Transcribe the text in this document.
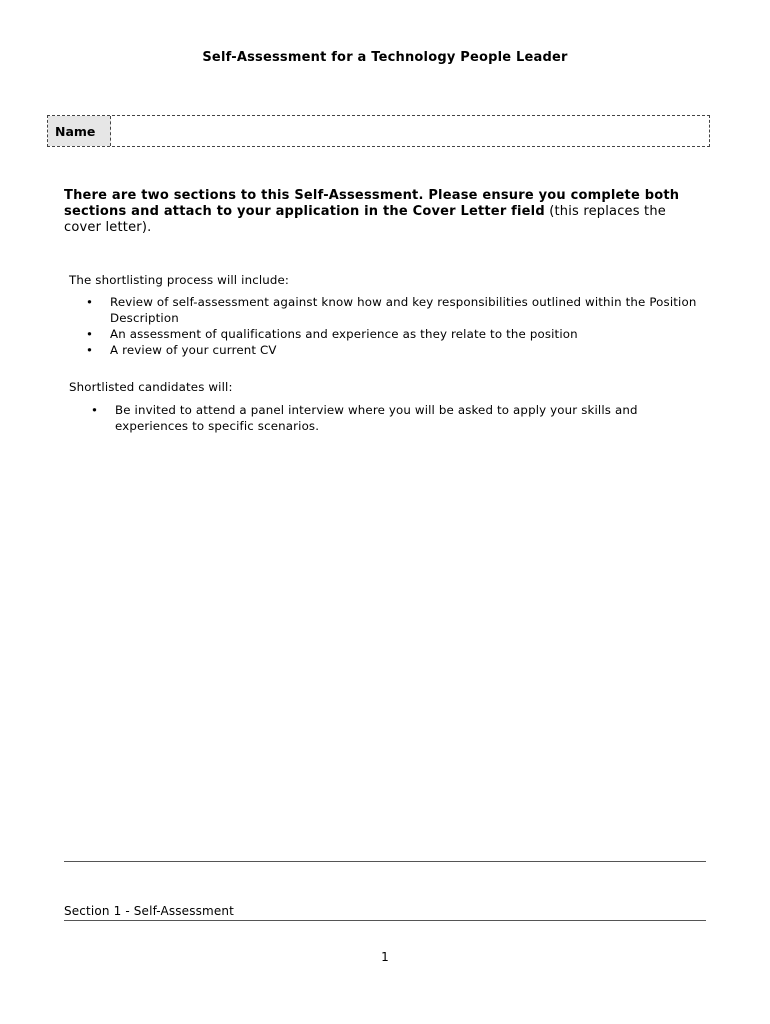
Self-Assessment for a Technology People Leader
Name
There are two sections to this Self-Assessment. Please ensure you complete both sections and attach to your application in the Cover Letter field (this replaces the cover letter).
The shortlisting process will include:
• Review of self-assessment against know how and key responsibilities outlined within the Position Description
• An assessment of qualifications and experience as they relate to the position
• A review of your current CV
Shortlisted candidates will:
• Be invited to attend a panel interview where you will be asked to apply your skills and experiences to specific scenarios.
Section 1 - Self-Assessment
1
